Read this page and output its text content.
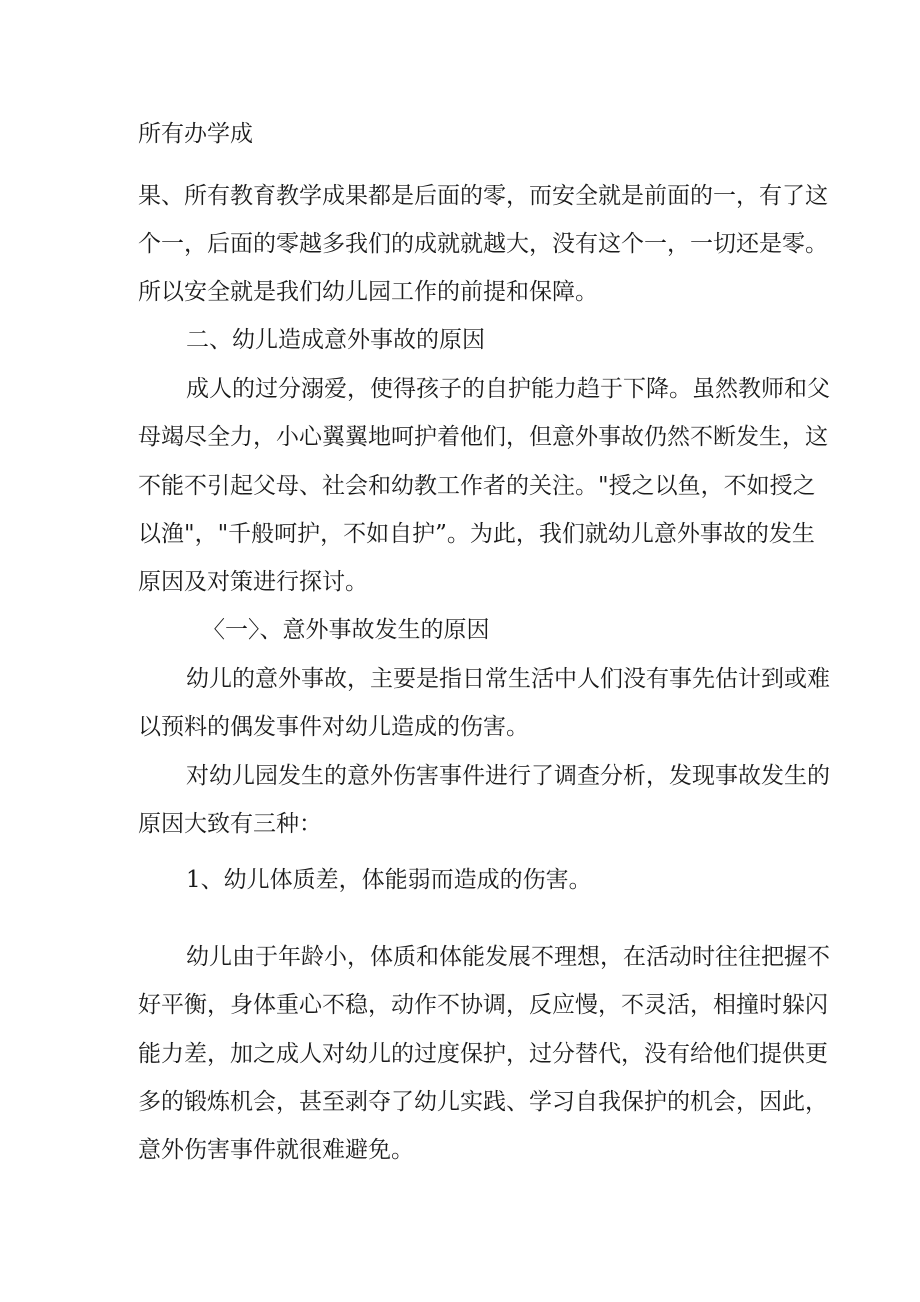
所有办学成

果、所有教育教学成果都是后面的零，而安全就是前面的一，有了这

个一，后面的零越多我们的成就就越大，没有这个一，一切还是零。

所以安全就是我们幼儿园工作的前提和保障。

二、幼儿造成意外事故的原因

成人的过分溺爱，使得孩子的自护能力趋于下降。虽然教师和父

母竭尽全力，小心翼翼地呵护着他们，但意外事故仍然不断发生，这

不能不引起父母、社会和幼教工作者的关注。"授之以鱼，不如授之

以渔"，"千般呵护，不如自护”。为此，我们就幼儿意外事故的发生

原因及对策进行探讨。

〈一〉、意外事故发生的原因

幼儿的意外事故，主要是指日常生活中人们没有事先估计到或难

以预料的偶发事件对幼儿造成的伤害。

对幼儿园发生的意外伤害事件进行了调查分析，发现事故发生的

原因大致有三种：

1、幼儿体质差，体能弱而造成的伤害。

幼儿由于年龄小，体质和体能发展不理想，在活动时往往把握不

好平衡，身体重心不稳，动作不协调，反应慢，不灵活，相撞时躲闪

能力差，加之成人对幼儿的过度保护，过分替代，没有给他们提供更

多的锻炼机会，甚至剥夺了幼儿实践、学习自我保护的机会，因此，

意外伤害事件就很难避免。
